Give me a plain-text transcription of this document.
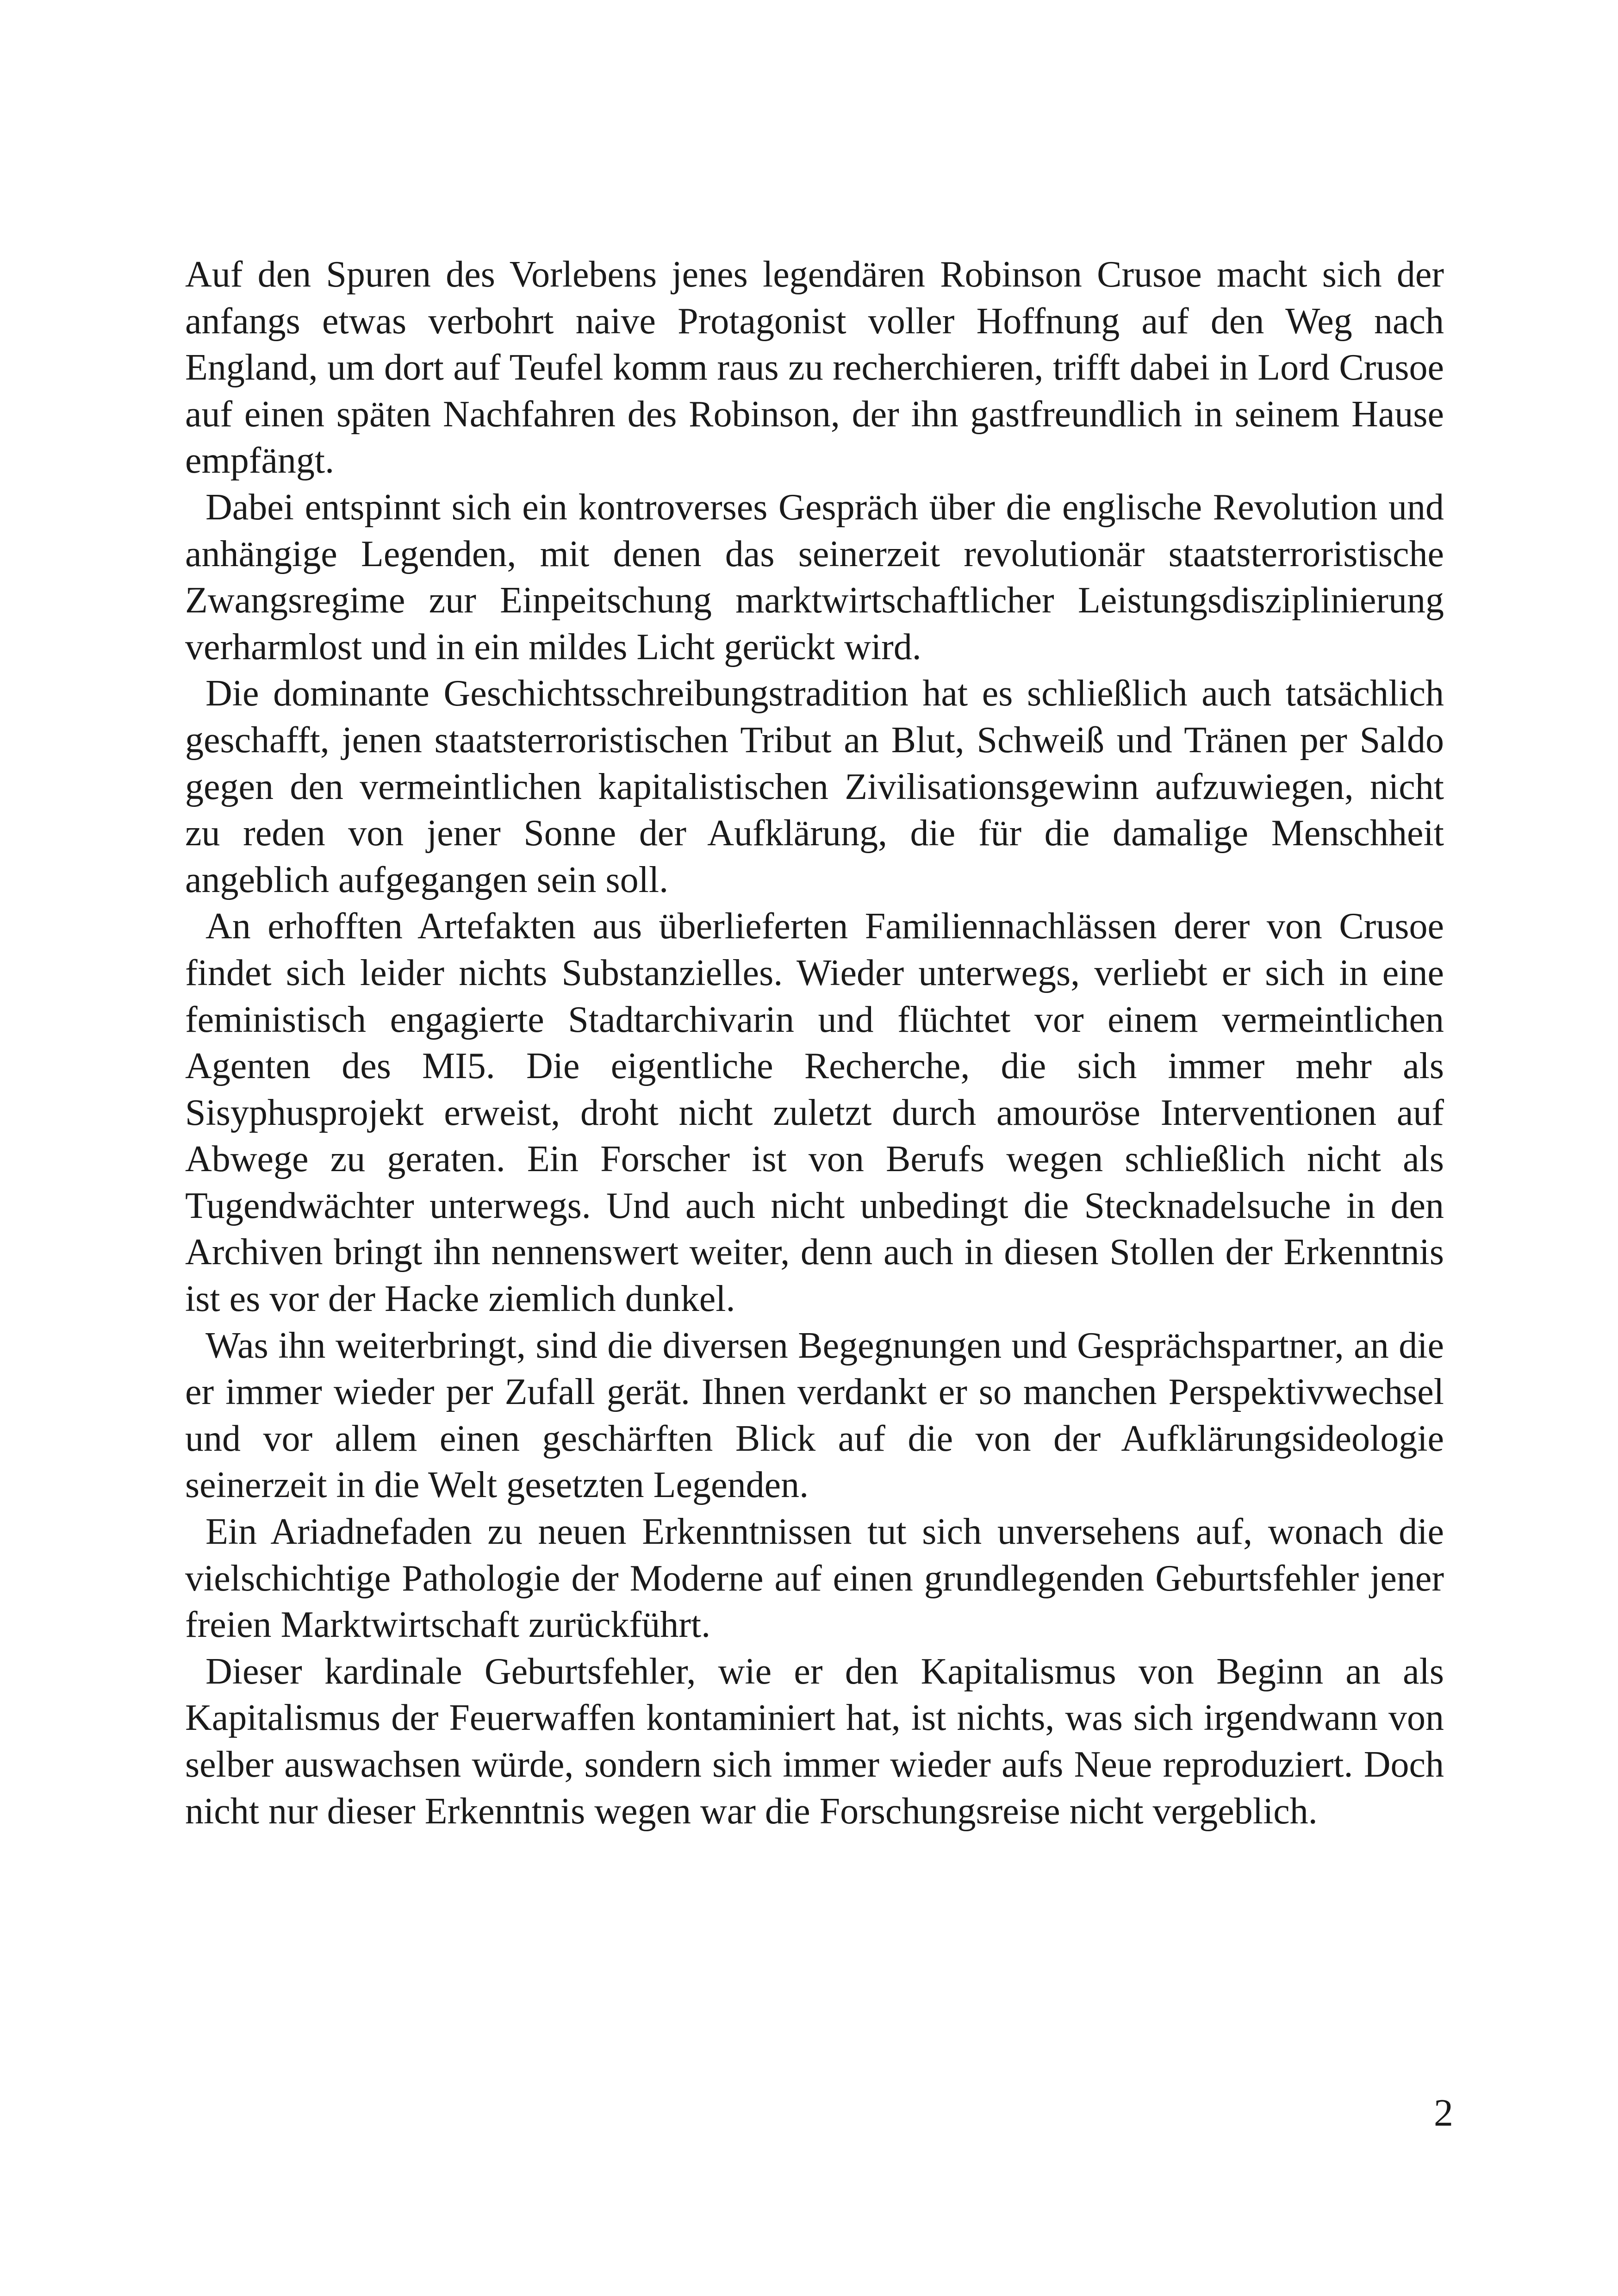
Auf den Spuren des Vorlebens jenes legendären Robinson Crusoe macht sich der anfangs etwas verbohrt naive Protagonist voller Hoffnung auf den Weg nach England, um dort auf Teufel komm raus zu recherchieren, trifft dabei in Lord Crusoe auf einen späten Nachfahren des Robinson, der ihn gastfreundlich in seinem Hause empfängt.

Dabei entspinnt sich ein kontroverses Gespräch über die englische Revolution und anhängige Legenden, mit denen das seinerzeit revolutionär staatsterroristische Zwangsregime zur Einpeitschung marktwirtschaftlicher Leistungsdisziplinierung verharmlost und in ein mildes Licht gerückt wird.

Die dominante Geschichtsschreibungstradition hat es schließlich auch tatsächlich geschafft, jenen staatsterroristischen Tribut an Blut, Schweiß und Tränen per Saldo gegen den vermeintlichen kapitalistischen Zivilisationsgewinn aufzuwiegen, nicht zu reden von jener Sonne der Aufklärung, die für die damalige Menschheit angeblich aufgegangen sein soll.

An erhofften Artefakten aus überlieferten Familiennachlässen derer von Crusoe findet sich leider nichts Substanzielles. Wieder unterwegs, verliebt er sich in eine feministisch engagierte Stadtarchivarin und flüchtet vor einem vermeintlichen Agenten des MI5. Die eigentliche Recherche, die sich immer mehr als Sisyphusprojekt erweist, droht nicht zuletzt durch amouröse Interventionen auf Abwege zu geraten. Ein Forscher ist von Berufs wegen schließlich nicht als Tugendwächter unterwegs. Und auch nicht unbedingt die Stecknadelsuche in den Archiven bringt ihn nennenswert weiter, denn auch in diesen Stollen der Erkenntnis ist es vor der Hacke ziemlich dunkel.

Was ihn weiterbringt, sind die diversen Begegnungen und Gesprächspartner, an die er immer wieder per Zufall gerät. Ihnen verdankt er so manchen Perspektivwechsel und vor allem einen geschärften Blick auf die von der Aufklärungsideologie seinerzeit in die Welt gesetzten Legenden.

Ein Ariadnefaden zu neuen Erkenntnissen tut sich unversehens auf, wonach die vielschichtige Pathologie der Moderne auf einen grundlegenden Geburtsfehler jener freien Marktwirtschaft zurückführt.

Dieser kardinale Geburtsfehler, wie er den Kapitalismus von Beginn an als Kapitalismus der Feuerwaffen kontaminiert hat, ist nichts, was sich irgendwann von selber auswachsen würde, sondern sich immer wieder aufs Neue reproduziert. Doch nicht nur dieser Erkenntnis wegen war die Forschungsreise nicht vergeblich.

2
